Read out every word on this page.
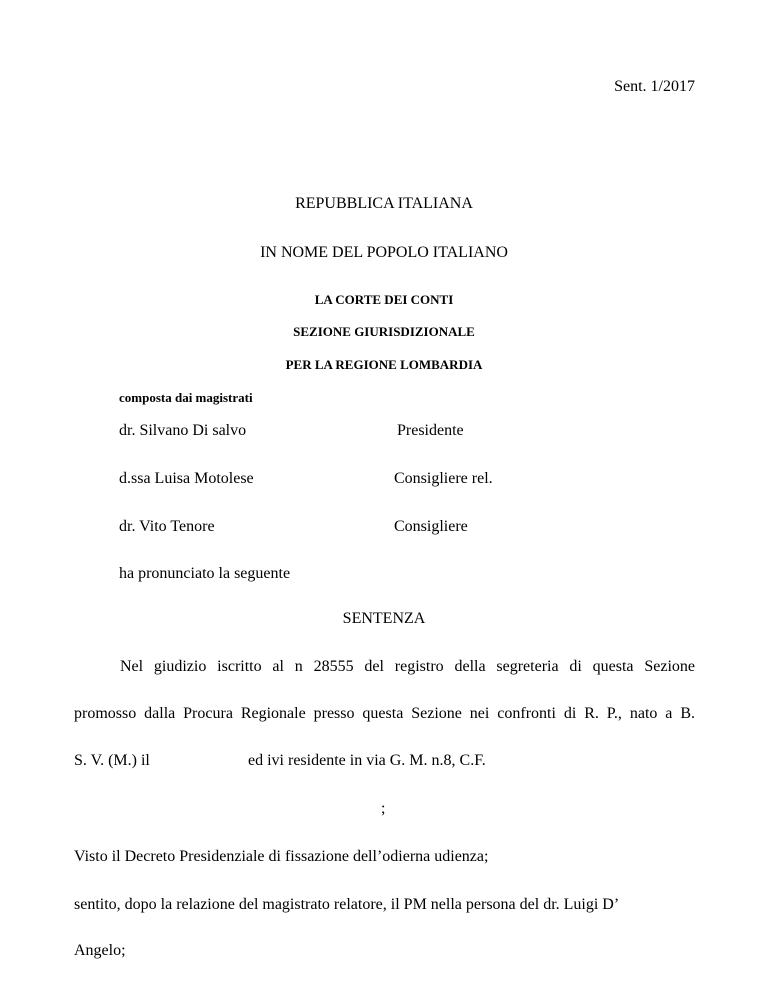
Sent. 1/2017
REPUBBLICA ITALIANA
IN NOME DEL POPOLO ITALIANO
LA CORTE DEI CONTI
SEZIONE GIURISDIZIONALE
PER LA REGIONE LOMBARDIA
composta dai magistrati
dr. Silvano Di salvo	Presidente
d.ssa Luisa Motolese	Consigliere rel.
dr. Vito Tenore	Consigliere
ha pronunciato la seguente
SENTENZA
Nel giudizio iscritto al n 28555 del registro della segreteria di questa Sezione
promosso dalla Procura Regionale presso questa Sezione nei confronti di R. P., nato a B.
S. V. (M.) il	ed ivi residente in via G. M. n.8, C.F.
;
Visto il Decreto Presidenziale di fissazione dell’odierna udienza;
sentito, dopo la relazione del magistrato relatore, il PM nella persona del dr. Luigi D’
Angelo;
